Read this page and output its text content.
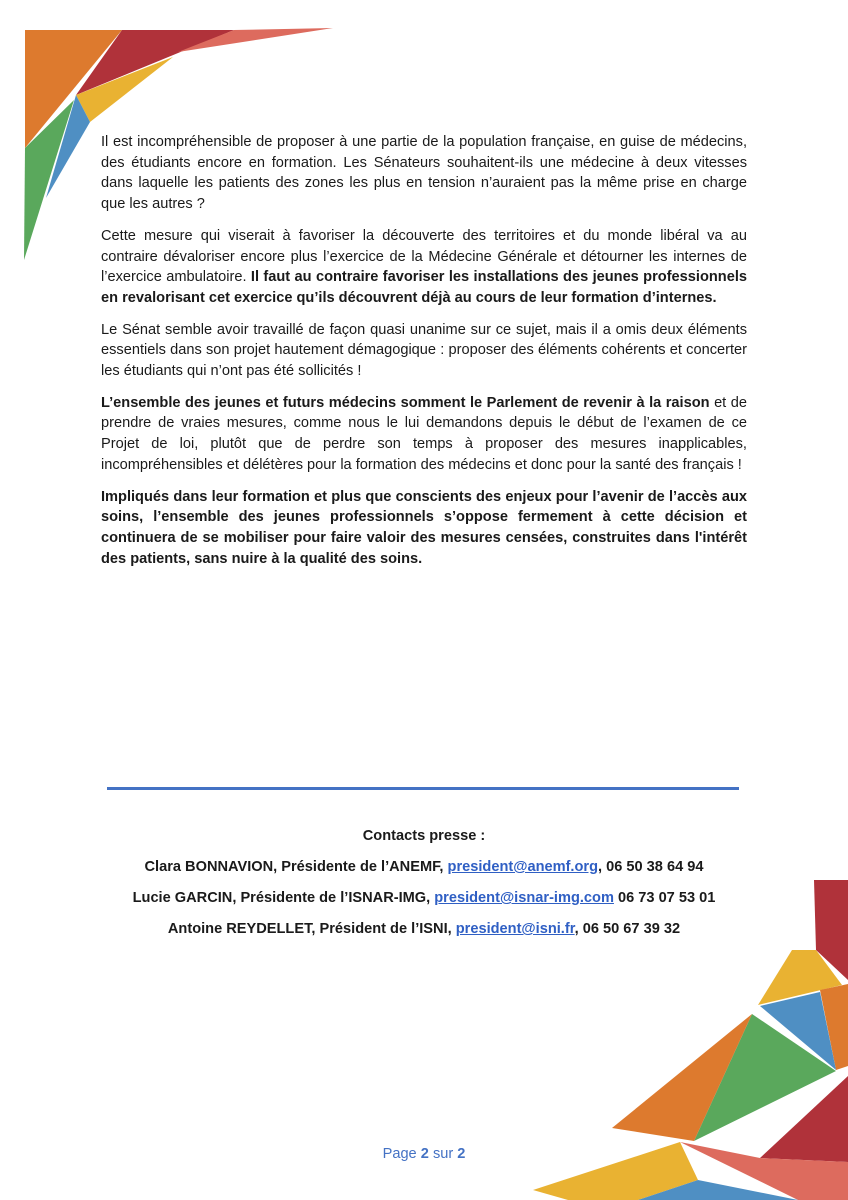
Il est incompréhensible de proposer à une partie de la population française, en guise de médecins, des étudiants encore en formation. Les Sénateurs souhaitent-ils une médecine à deux vitesses dans laquelle les patients des zones les plus en tension n’auraient pas la même prise en charge que les autres ?

Cette mesure qui viserait à favoriser la découverte des territoires et du monde libéral va au contraire dévaloriser encore plus l’exercice de la Médecine Générale et détourner les internes de l’exercice ambulatoire. Il faut au contraire favoriser les installations des jeunes professionnels en revalorisant cet exercice qu’ils découvrent déjà au cours de leur formation d’internes.

Le Sénat semble avoir travaillé de façon quasi unanime sur ce sujet, mais il a omis deux éléments essentiels dans son projet hautement démagogique : proposer des éléments cohérents et concerter les étudiants qui n’ont pas été sollicités !

L’ensemble des jeunes et futurs médecins somment le Parlement de revenir à la raison et de prendre de vraies mesures, comme nous le lui demandons depuis le début de l’examen de ce Projet de loi, plutôt que de perdre son temps à proposer des mesures inapplicables, incompréhensibles et délétères pour la formation des médecins et donc pour la santé des français !

Impliqués dans leur formation et plus que conscients des enjeux pour l’avenir de l’accès aux soins, l’ensemble des jeunes professionnels s’oppose fermement à cette décision et continuera de se mobiliser pour faire valoir des mesures censées, construites dans l'intérêt des patients, sans nuire à la qualité des soins.

Contacts presse :
Clara BONNAVION, Présidente de l’ANEMF, president@anemf.org, 06 50 38 64 94
Lucie GARCIN, Présidente de l’ISNAR-IMG, president@isnar-img.com 06 73 07 53 01
Antoine REYDELLET, Président de l’ISNI, president@isni.fr, 06 50 67 39 32
Page 2 sur 2
